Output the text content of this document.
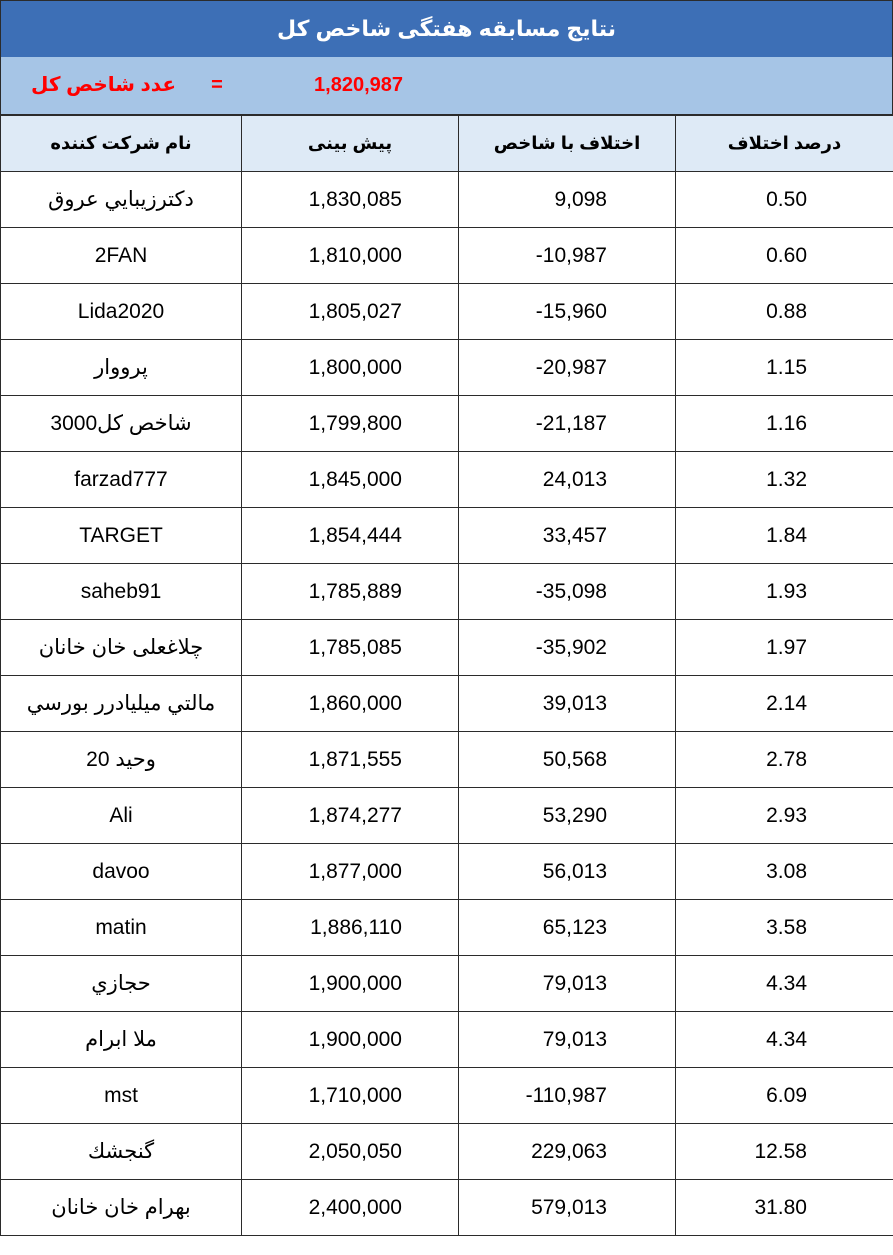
نتايج مسابقه هفتگی شاخص کل
عدد شاخص کل	=	1,820,987
نام شرکت کننده	پیش بینی	اختلاف با شاخص	درصد اختلاف
دکترزيبايي عروق	1,830,085	9,098	0.50
2FAN	1,810,000	-10,987	0.60
Lida2020	1,805,027	-15,960	0.88
پرووار	1,800,000	-20,987	1.15
شاخص کل3000	1,799,800	-21,187	1.16
farzad777	1,845,000	24,013	1.32
TARGET	1,854,444	33,457	1.84
saheb91	1,785,889	-35,098	1.93
چلاغعلی خان خانان	1,785,085	-35,902	1.97
مالتي ميليادرر بورسي	1,860,000	39,013	2.14
وحيد 20	1,871,555	50,568	2.78
Ali	1,874,277	53,290	2.93
davoo	1,877,000	56,013	3.08
matin	1,886,110	65,123	3.58
حجازي	1,900,000	79,013	4.34
ملا ابرام	1,900,000	79,013	4.34
mst	1,710,000	-110,987	6.09
گنجشك	2,050,050	229,063	12.58
بهرام خان خانان	2,400,000	579,013	31.80
